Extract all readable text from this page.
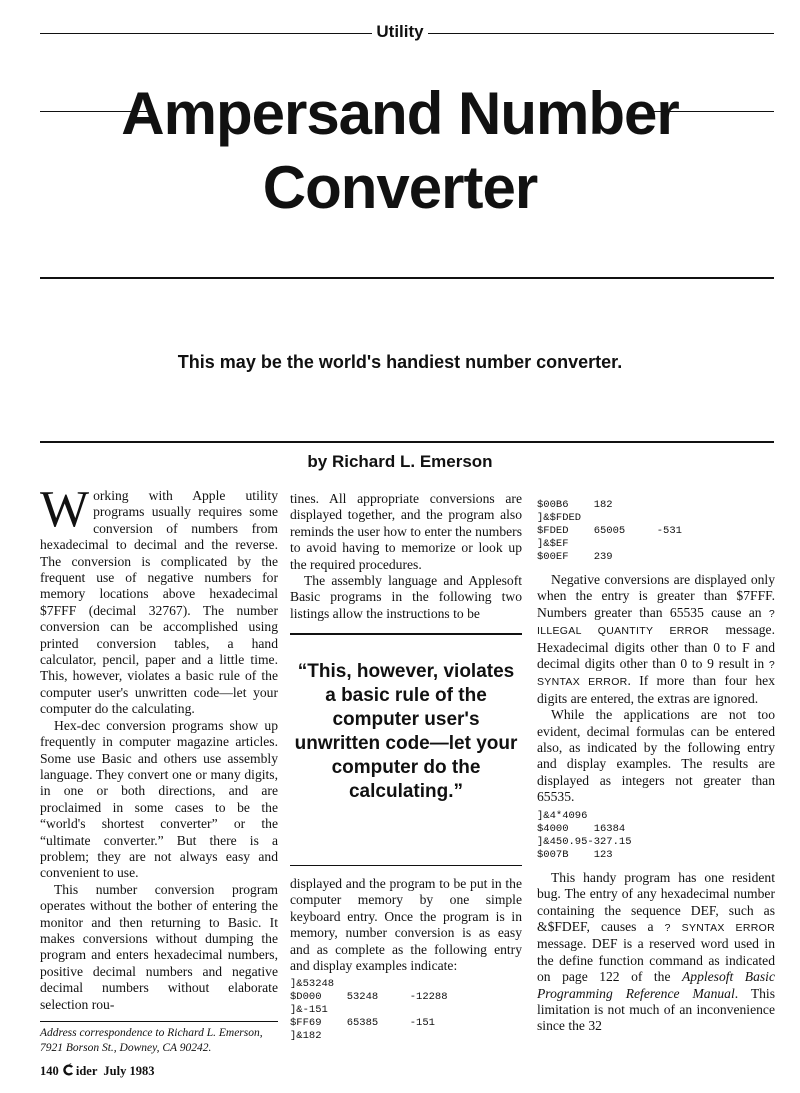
Utility
Ampersand Number
Converter
This may be the world's handiest number converter.
by Richard L. Emerson

Working with Apple utility programs usually requires some conversion of numbers from hexadecimal to decimal and the reverse. The conversion is complicated by the frequent use of negative numbers for memory locations above hexadecimal $7FFF (decimal 32767). The number conversion can be accomplished using printed conversion tables, a hand calculator, pencil, paper and a little time. This, however, violates a basic rule of the computer user's unwritten code—let your computer do the calculating.

Hex-dec conversion programs show up frequently in computer magazine articles. Some use Basic and others use assembly language. They convert one or many digits, in one or both directions, and are proclaimed in some cases to be the “world's shortest converter” or the “ultimate converter.” But there is a problem; they are not always easy and convenient to use.

This number conversion program operates without the bother of entering the monitor and then returning to Basic. It makes conversions without dumping the program and enters hexadecimal numbers, positive decimal numbers and negative decimal numbers without elaborate selection rou-

tines. All appropriate conversions are displayed together, and the program also reminds the user how to enter the numbers to avoid having to memorize or look up the required procedures.

The assembly language and Applesoft Basic programs in the following two listings allow the instructions to be

“This, however, violates a basic rule of the computer user's unwritten code—let your computer do the calculating.”

displayed and the program to be put in the computer memory by one simple keyboard entry. Once the program is in memory, number conversion is as easy and as complete as the following entry and display examples indicate:

]&53248
$D000    53248     -12288
]&-151
$FF69    65385     -151
]&182
$00B6    182
]&$FDED
$FDED    65005     -531
]&$EF
$00EF    239

Negative conversions are displayed only when the entry is greater than $7FFF. Numbers greater than 65535 cause an ? ILLEGAL QUANTITY ERROR message. Hexadecimal digits other than 0 to F and decimal digits other than 0 to 9 result in ? SYNTAX ERROR. If more than four hex digits are entered, the extras are ignored.

While the applications are not too evident, decimal formulas can be entered also, as indicated by the following entry and display examples. The results are displayed as integers not greater than 65535.

]&4*4096
$4000    16384
]&450.95-327.15
$007B    123

This handy program has one resident bug. The entry of any hexadecimal number containing the sequence DEF, such as &$FDEF, causes a ? SYNTAX ERROR message. DEF is a reserved word used in the define function command as indicated on page 122 of the Applesoft Basic Programming Reference Manual. This limitation is not much of an inconvenience since the 32

Address correspondence to Richard L. Emerson, 7921 Borson St., Downey, CA 90242.
140 ider July 1983
